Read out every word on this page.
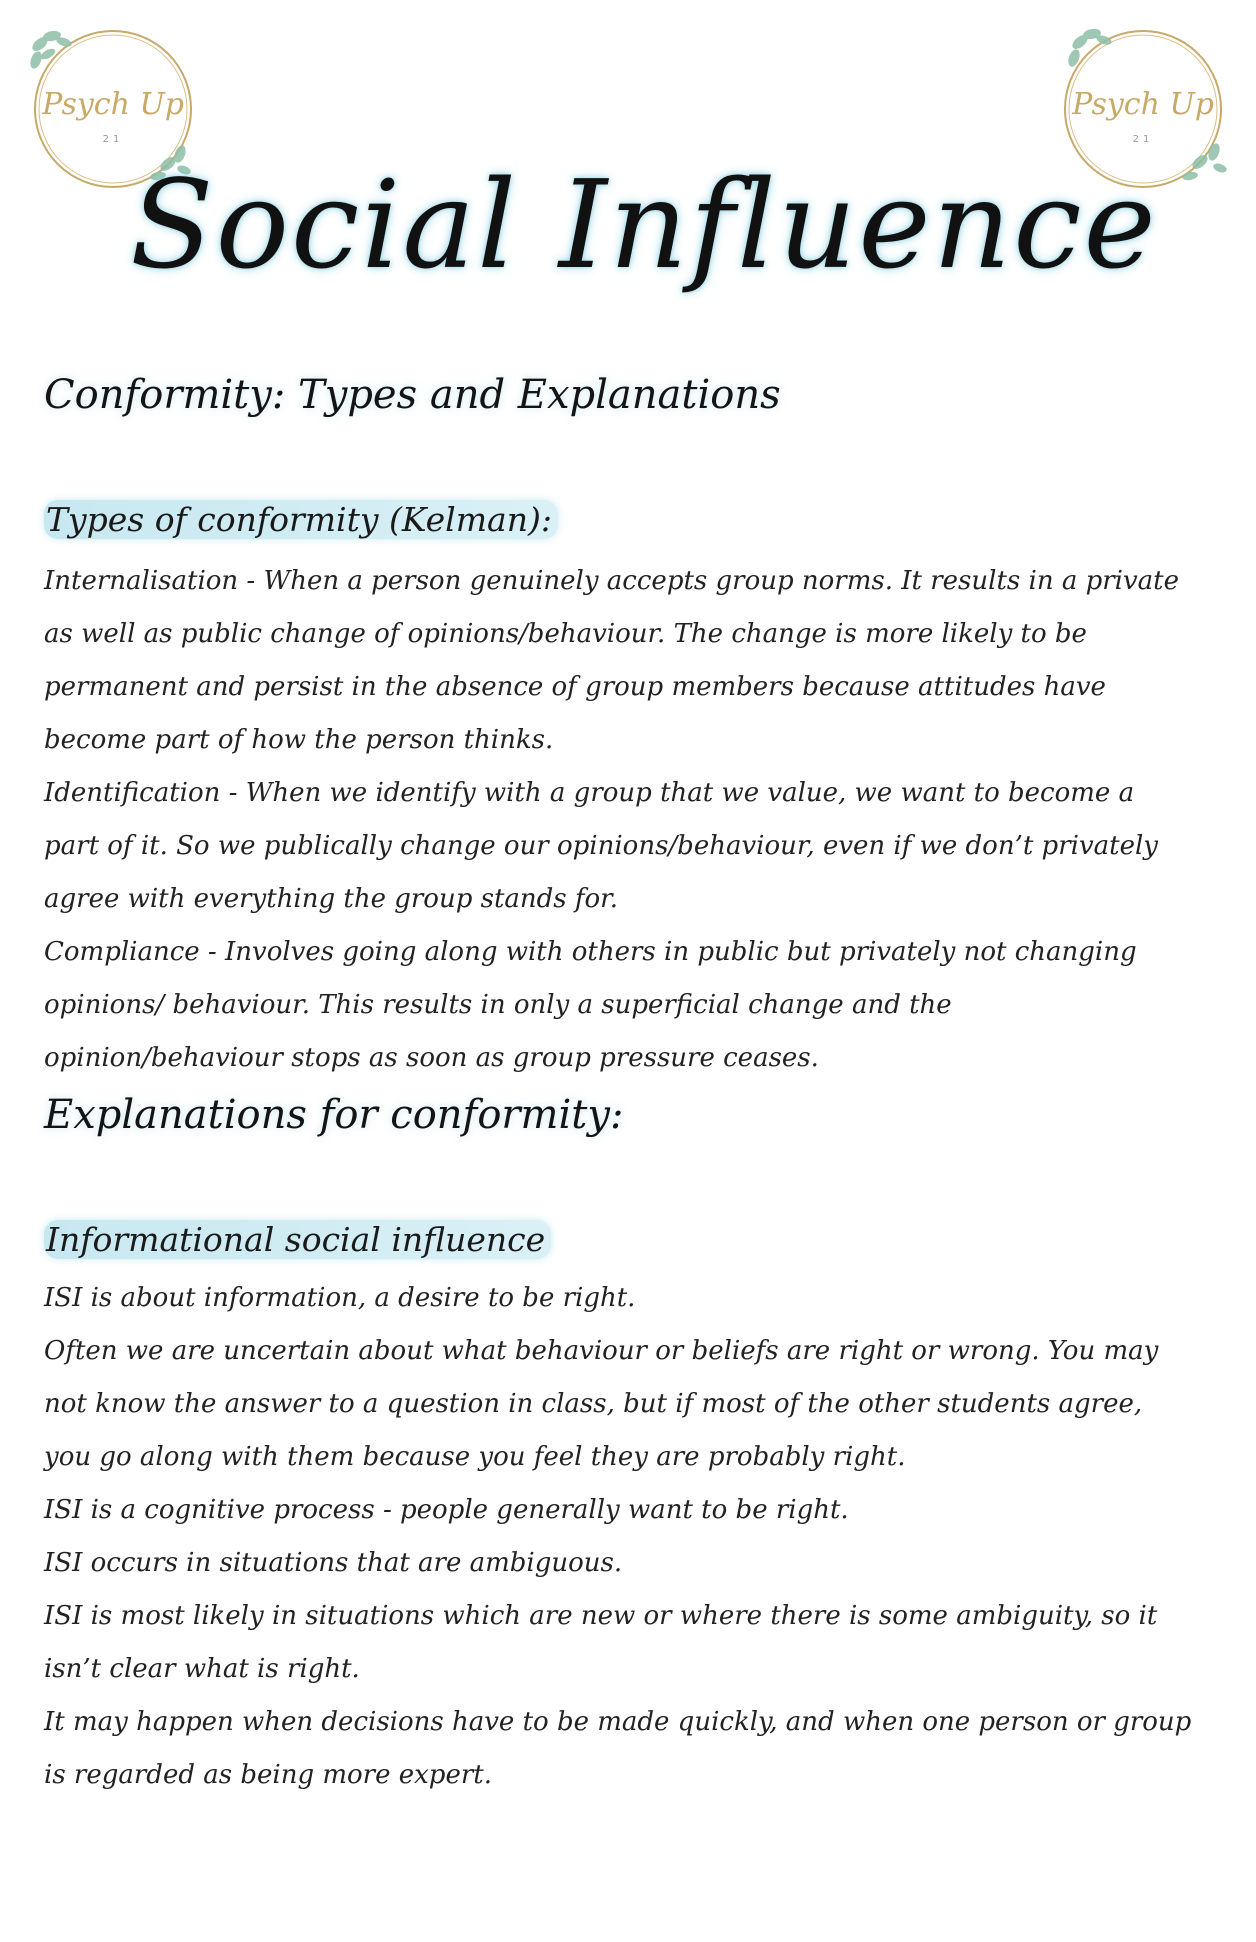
Psych Up
21
Psych Up
21
Social Influence
Conformity: Types and Explanations
Types of conformity (Kelman):

Internalisation - When a person genuinely accepts group norms. It results in a private as well as public change of opinions/behaviour. The change is more likely to be permanent and persist in the absence of group members because attitudes have become part of how the person thinks.

Identification - When we identify with a group that we value, we want to become a part of it. So we publically change our opinions/behaviour, even if we don’t privately agree with everything the group stands for.

Compliance - Involves going along with others in public but privately not changing opinions/ behaviour. This results in only a superficial change and the opinion/behaviour stops as soon as group pressure ceases.

Explanations for conformity:
Informational social influence

ISI is about information, a desire to be right.

Often we are uncertain about what behaviour or beliefs are right or wrong. You may not know the answer to a question in class, but if most of the other students agree, you go along with them because you feel they are probably right.

ISI is a cognitive process - people generally want to be right.

ISI occurs in situations that are ambiguous.

ISI is most likely in situations which are new or where there is some ambiguity, so it isn’t clear what is right.

It may happen when decisions have to be made quickly, and when one person or group is regarded as being more expert.
